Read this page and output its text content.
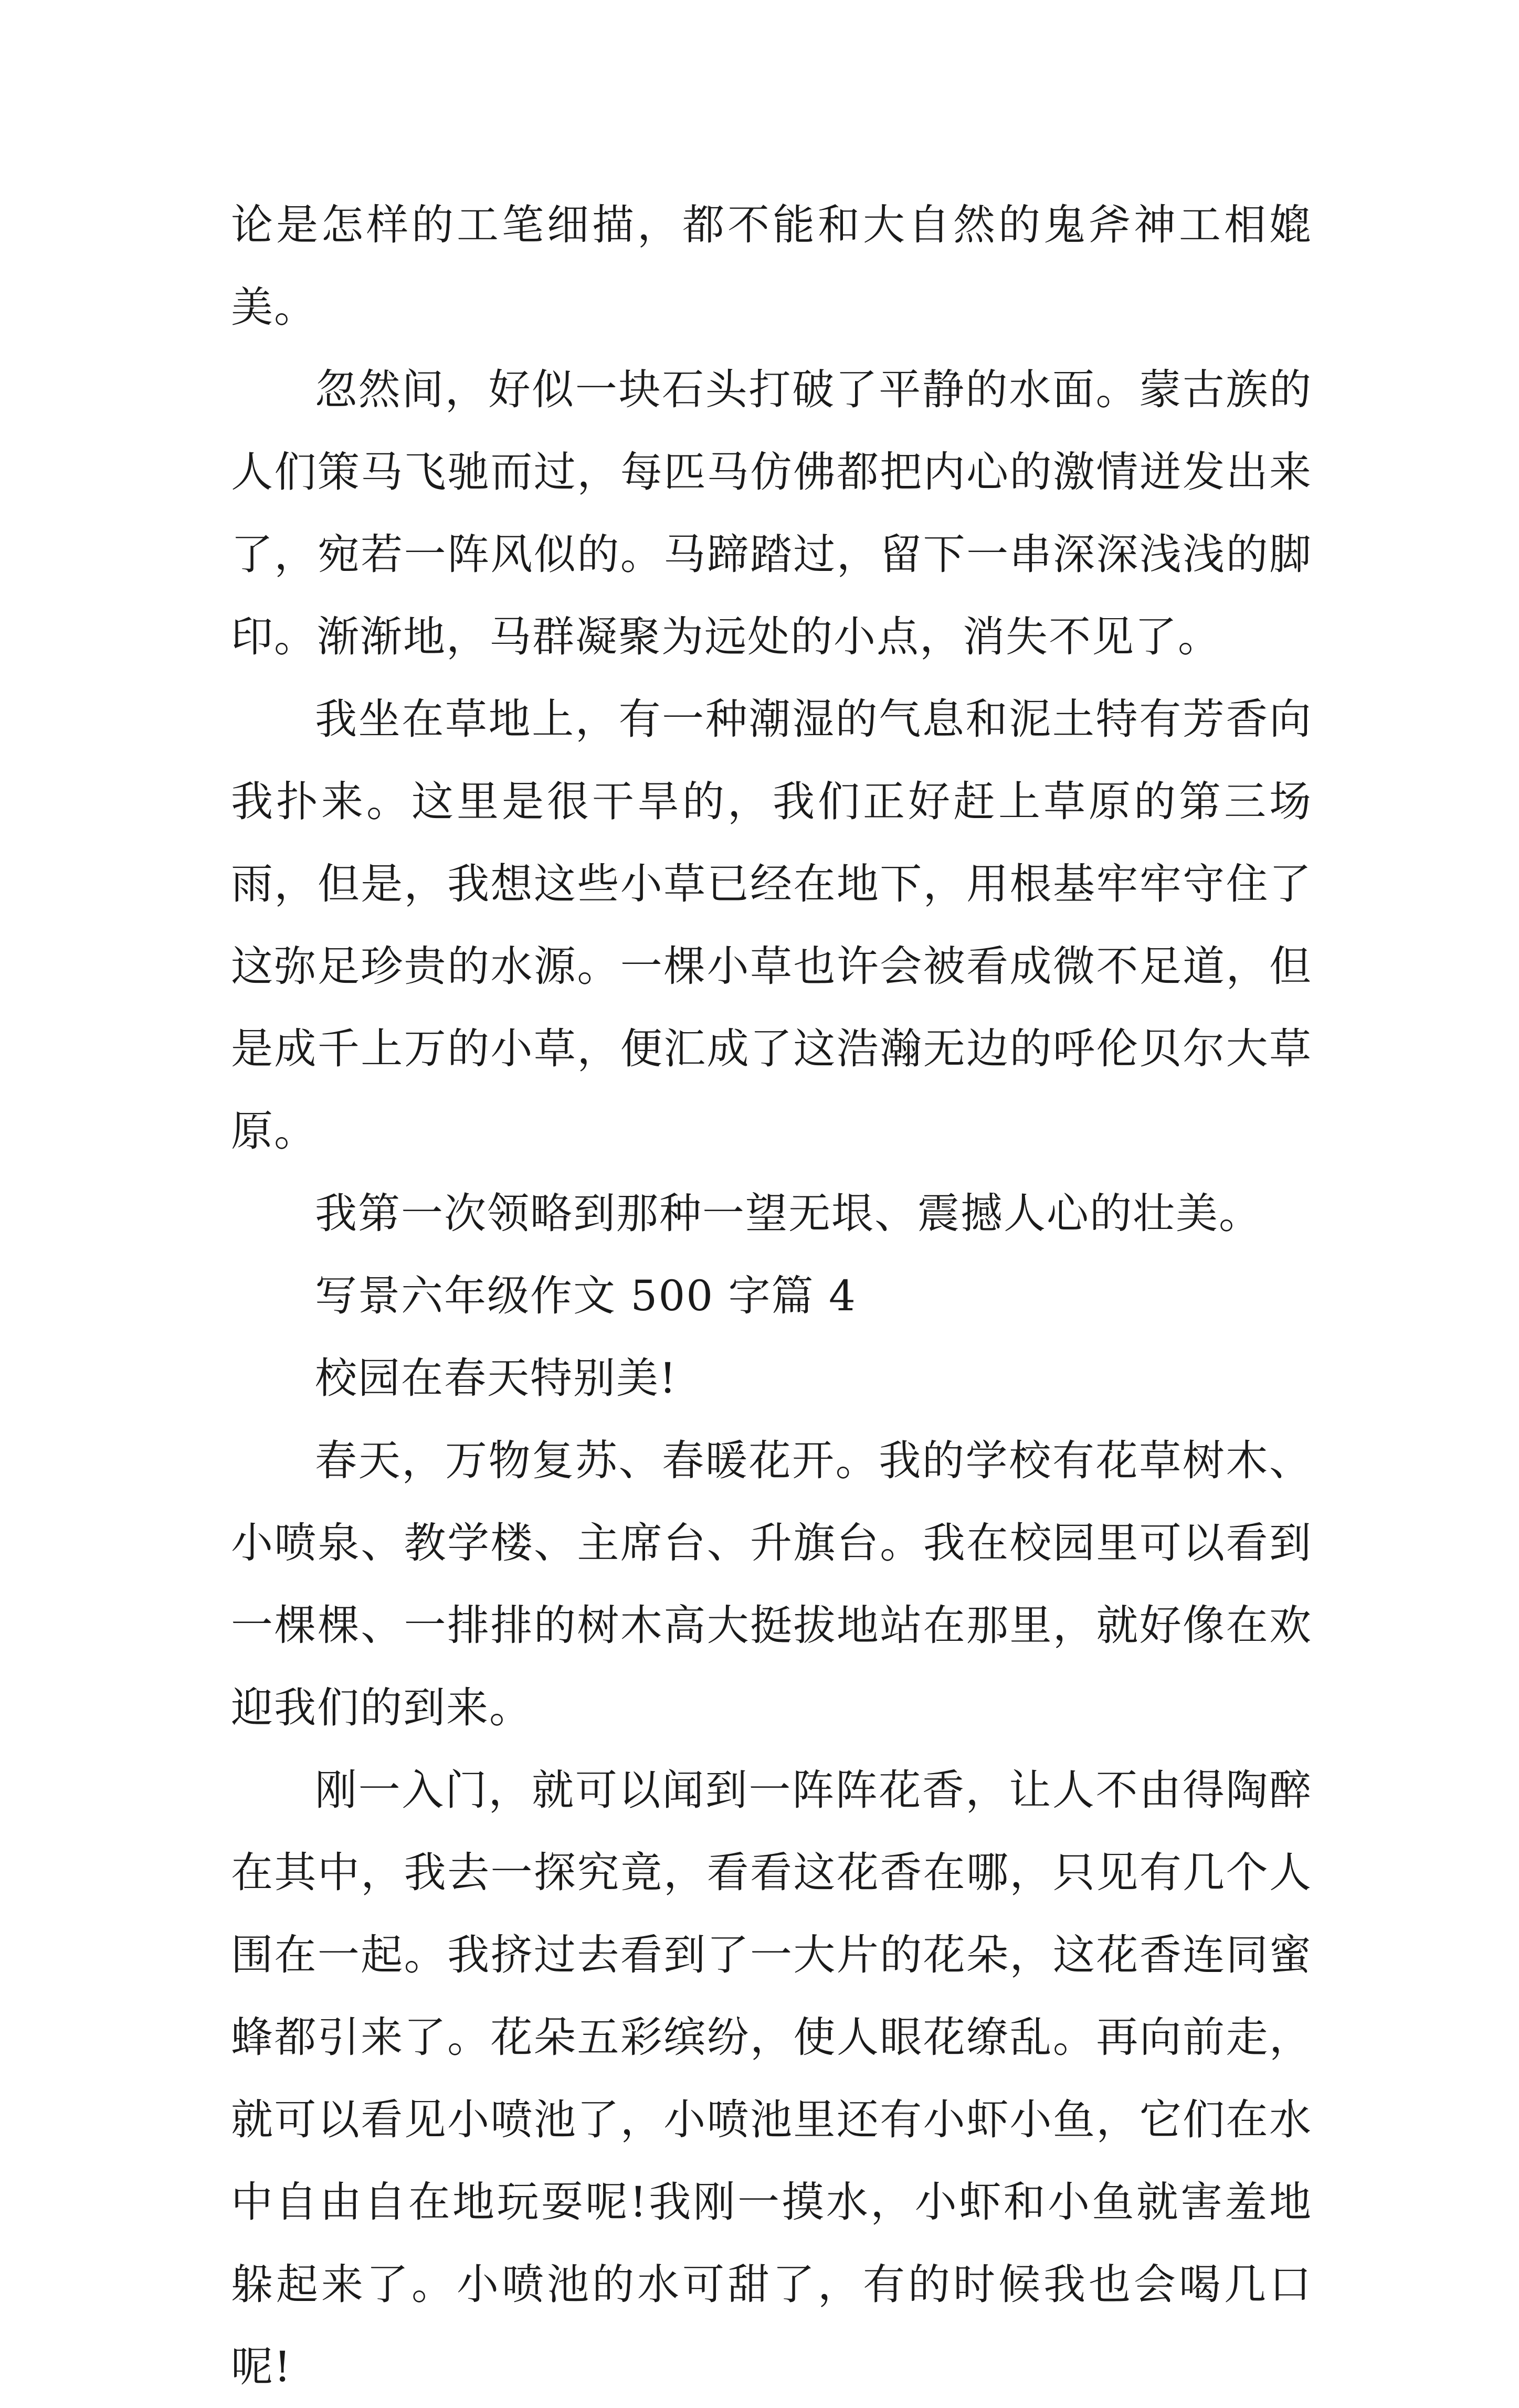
论是怎样的工笔细描，都不能和大自然的鬼斧神工相媲美。

忽然间，好似一块石头打破了平静的水面。蒙古族的人们策马飞驰而过，每匹马仿佛都把内心的激情迸发出来了，宛若一阵风似的。马蹄踏过，留下一串深深浅浅的脚印。渐渐地，马群凝聚为远处的小点，消失不见了。

我坐在草地上，有一种潮湿的气息和泥土特有芳香向我扑来。这里是很干旱的，我们正好赶上草原的第三场雨，但是，我想这些小草已经在地下，用根基牢牢守住了这弥足珍贵的水源。一棵小草也许会被看成微不足道，但是成千上万的小草，便汇成了这浩瀚无边的呼伦贝尔大草原。

我第一次领略到那种一望无垠、震撼人心的壮美。

写景六年级作文 500 字篇 4

校园在春天特别美!

春天，万物复苏、春暖花开。我的学校有花草树木、小喷泉、教学楼、主席台、升旗台。我在校园里可以看到一棵棵、一排排的树木高大挺拔地站在那里，就好像在欢迎我们的到来。

刚一入门，就可以闻到一阵阵花香，让人不由得陶醉在其中，我去一探究竟，看看这花香在哪，只见有几个人围在一起。我挤过去看到了一大片的花朵，这花香连同蜜蜂都引来了。花朵五彩缤纷，使人眼花缭乱。再向前走，就可以看见小喷池了，小喷池里还有小虾小鱼，它们在水中自由自在地玩耍呢!我刚一摸水，小虾和小鱼就害羞地躲起来了。小喷池的水可甜了，有的时候我也会喝几口呢!
